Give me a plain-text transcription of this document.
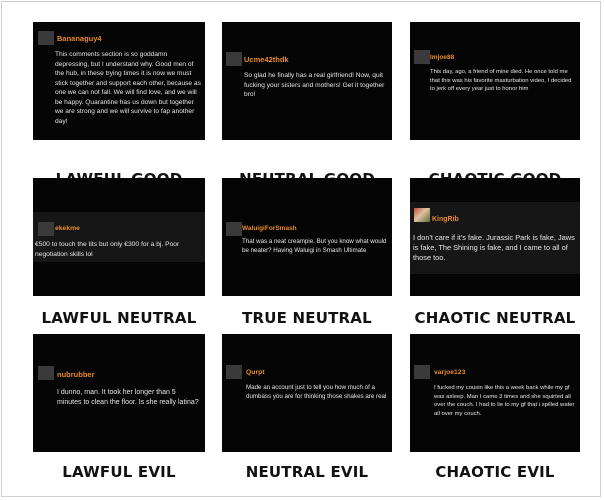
Bananaguy4
This comments section is so goddamn depressing, but I understand why. Good men of the hub, in these trying times it is now we must stick together and support each other, because as one we can not fall. We will find love, and we will be happy. Quarantine has us down but together we are strong and we will survive to fap another day!
Ucme42thdk
So glad he finally has a real girlfriend! Now, quit fucking your sisters and mothers! Get it together bro!
lmjoe88
This day, ago, a friend of mine died. He once told me that this was his favorite masturbation video, I decided to jerk off every year just to honor him
ekekme
€500 to touch the tits but only €300 for a bj. Poor negotiation skills lol
LAWFUL NEUTRAL
WaluigiForSmash
That was a neat creampie. But you know what would be neater? Having Waluigi in Smash Ultimate
TRUE NEUTRAL
KingRib
I don't care if it's fake. Jurassic Park is fake, Jaws is fake, The Shining is fake, and I came to all of those too.
CHAOTIC NEUTRAL
nubrubber
I dunno, man. It took her longer than 5 minutes to clean the floor. Is she really latina?
LAWFUL EVIL
Qurpt
Made an account just to tell you how much of a dumbass you are for thinking those shakes are real
NEUTRAL EVIL
varjoe123
I fucked my cousin like this a week back while my gf was asleep. Man I came 3 times and she squirted all over the couch. I had to lie to my gf that i spilled water all over my couch.
CHAOTIC EVIL
